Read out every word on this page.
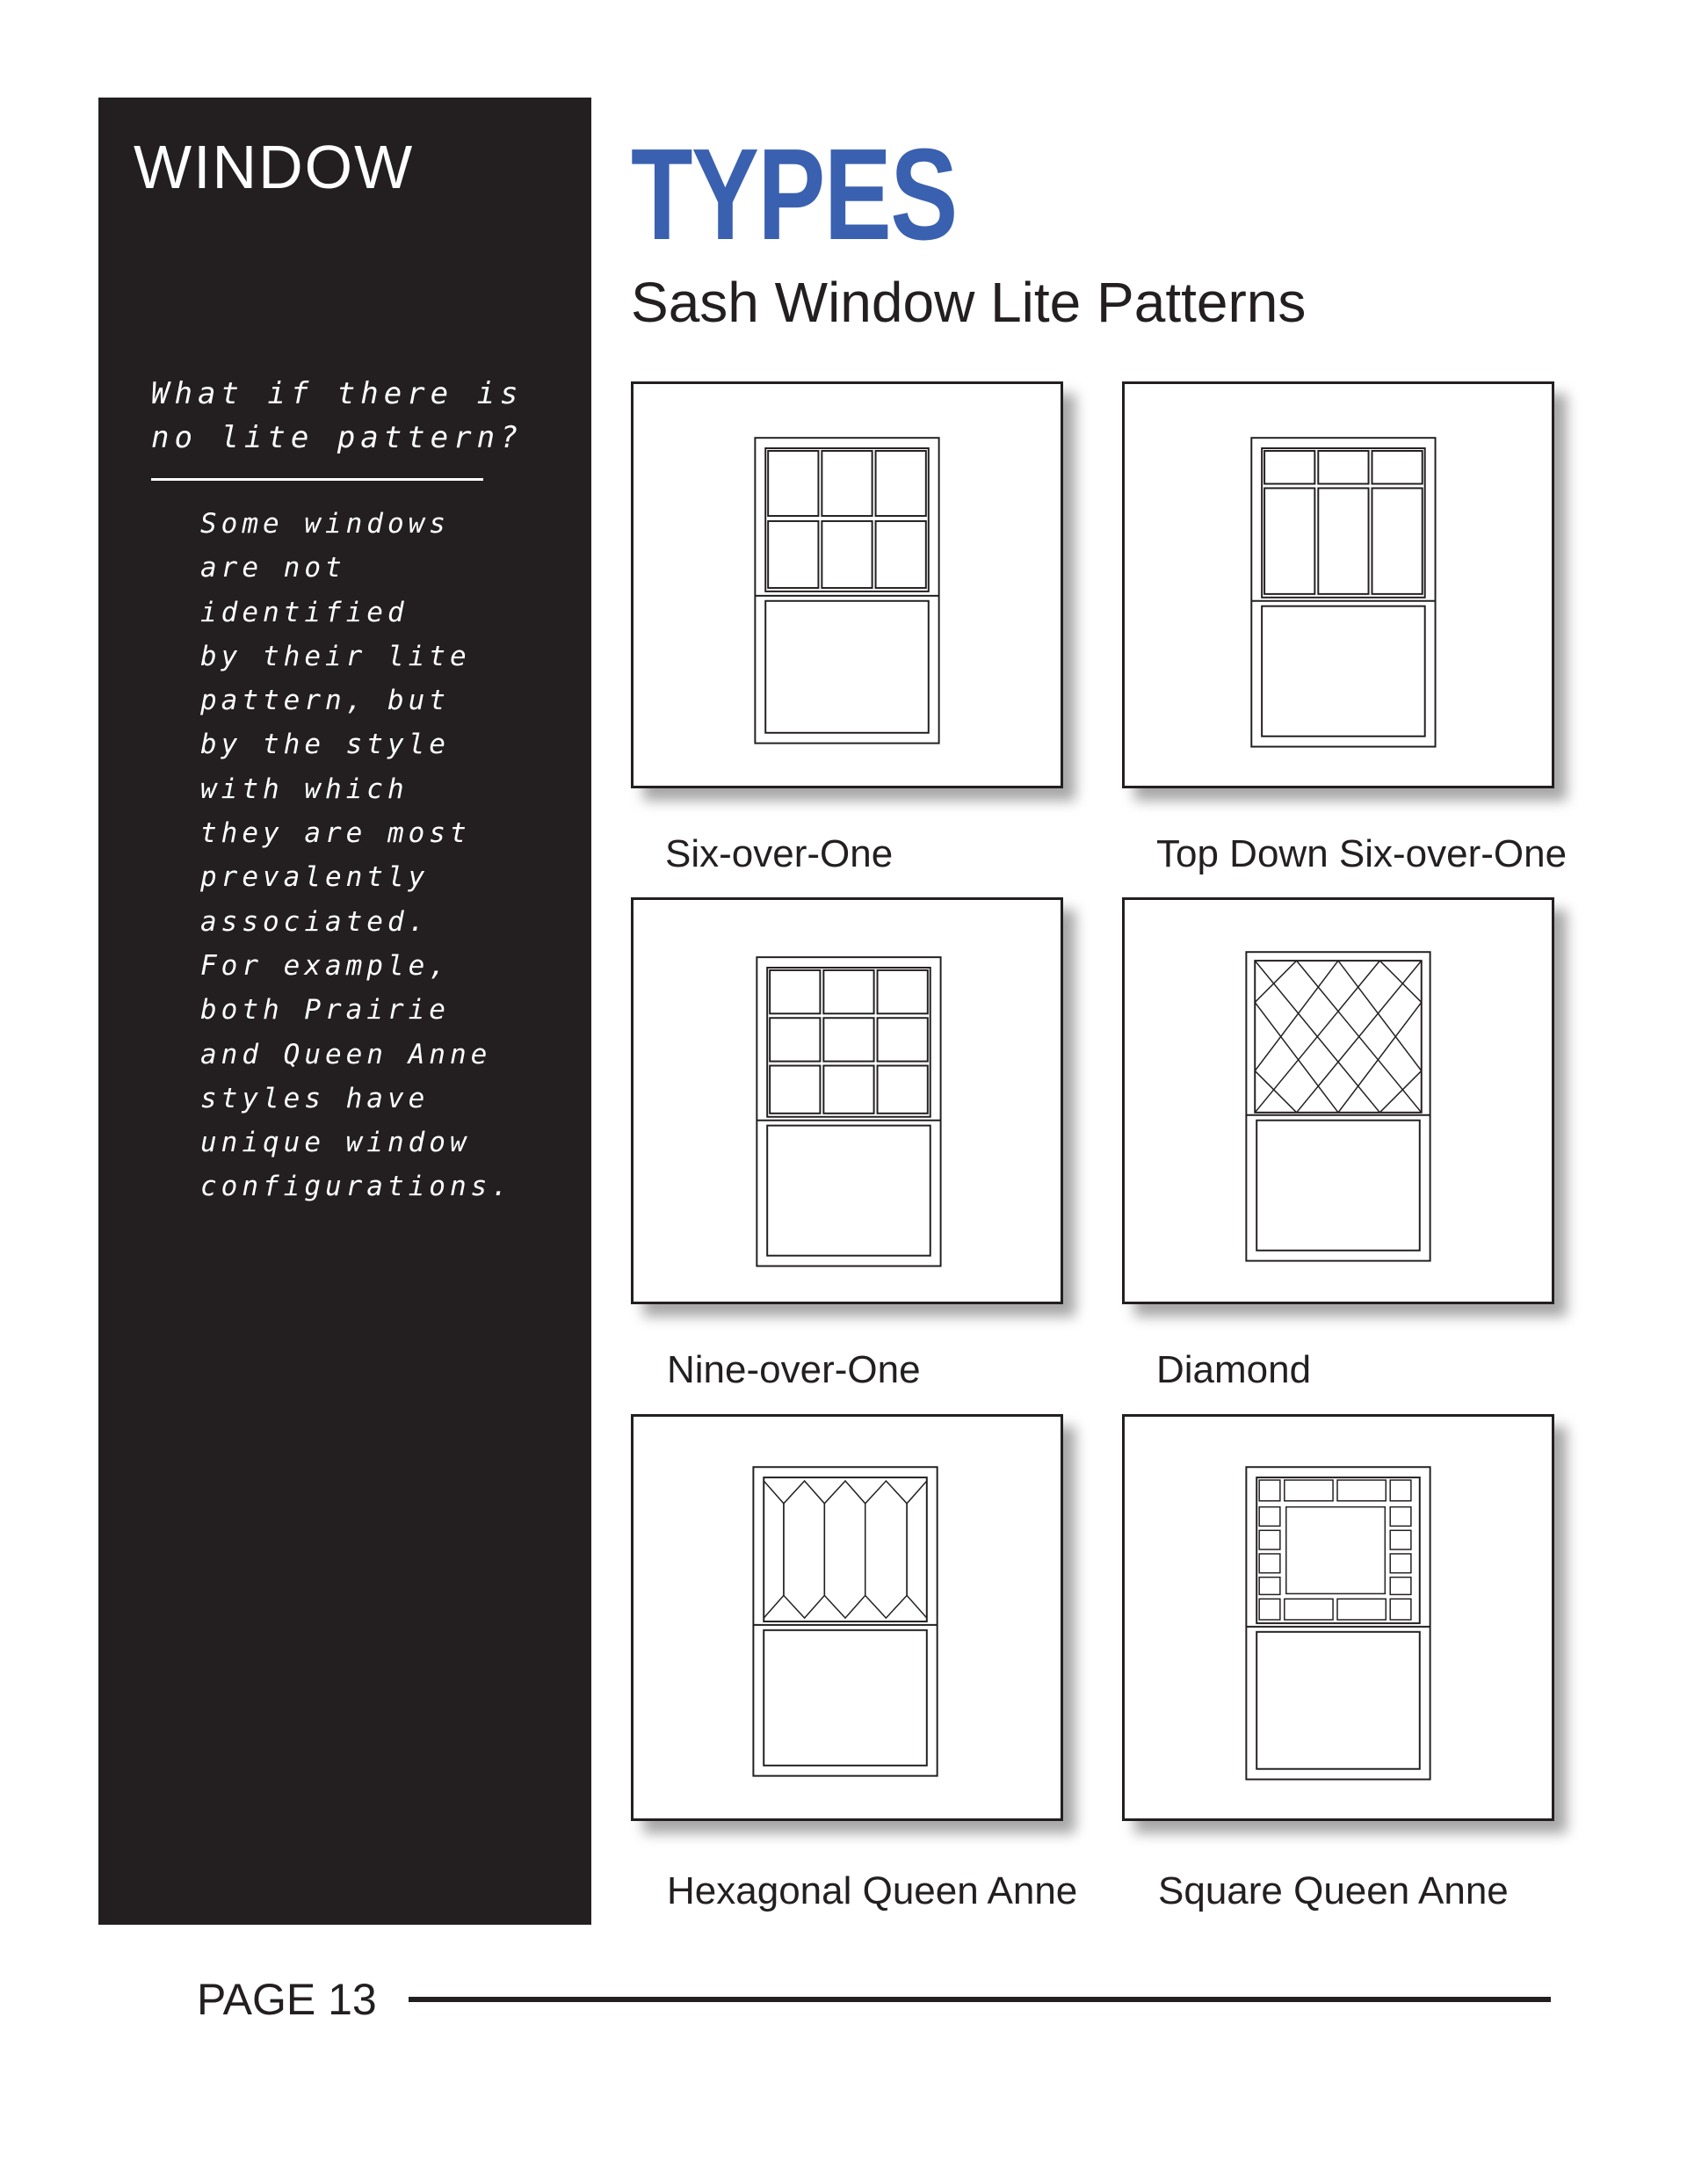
WINDOW

What if there is no lite pattern?

Some windows
are not
identified
by their lite
pattern, but
by the style
with which
they are most
prevalently
associated.
For example,
both Prairie
and Queen Anne
styles have
unique window
configurations.
TYPES
Sash Window Lite Patterns
Six-over-One	Top Down Six-over-One
Nine-over-One	Diamond
Hexagonal Queen Anne Square Queen Anne
PAGE 13
